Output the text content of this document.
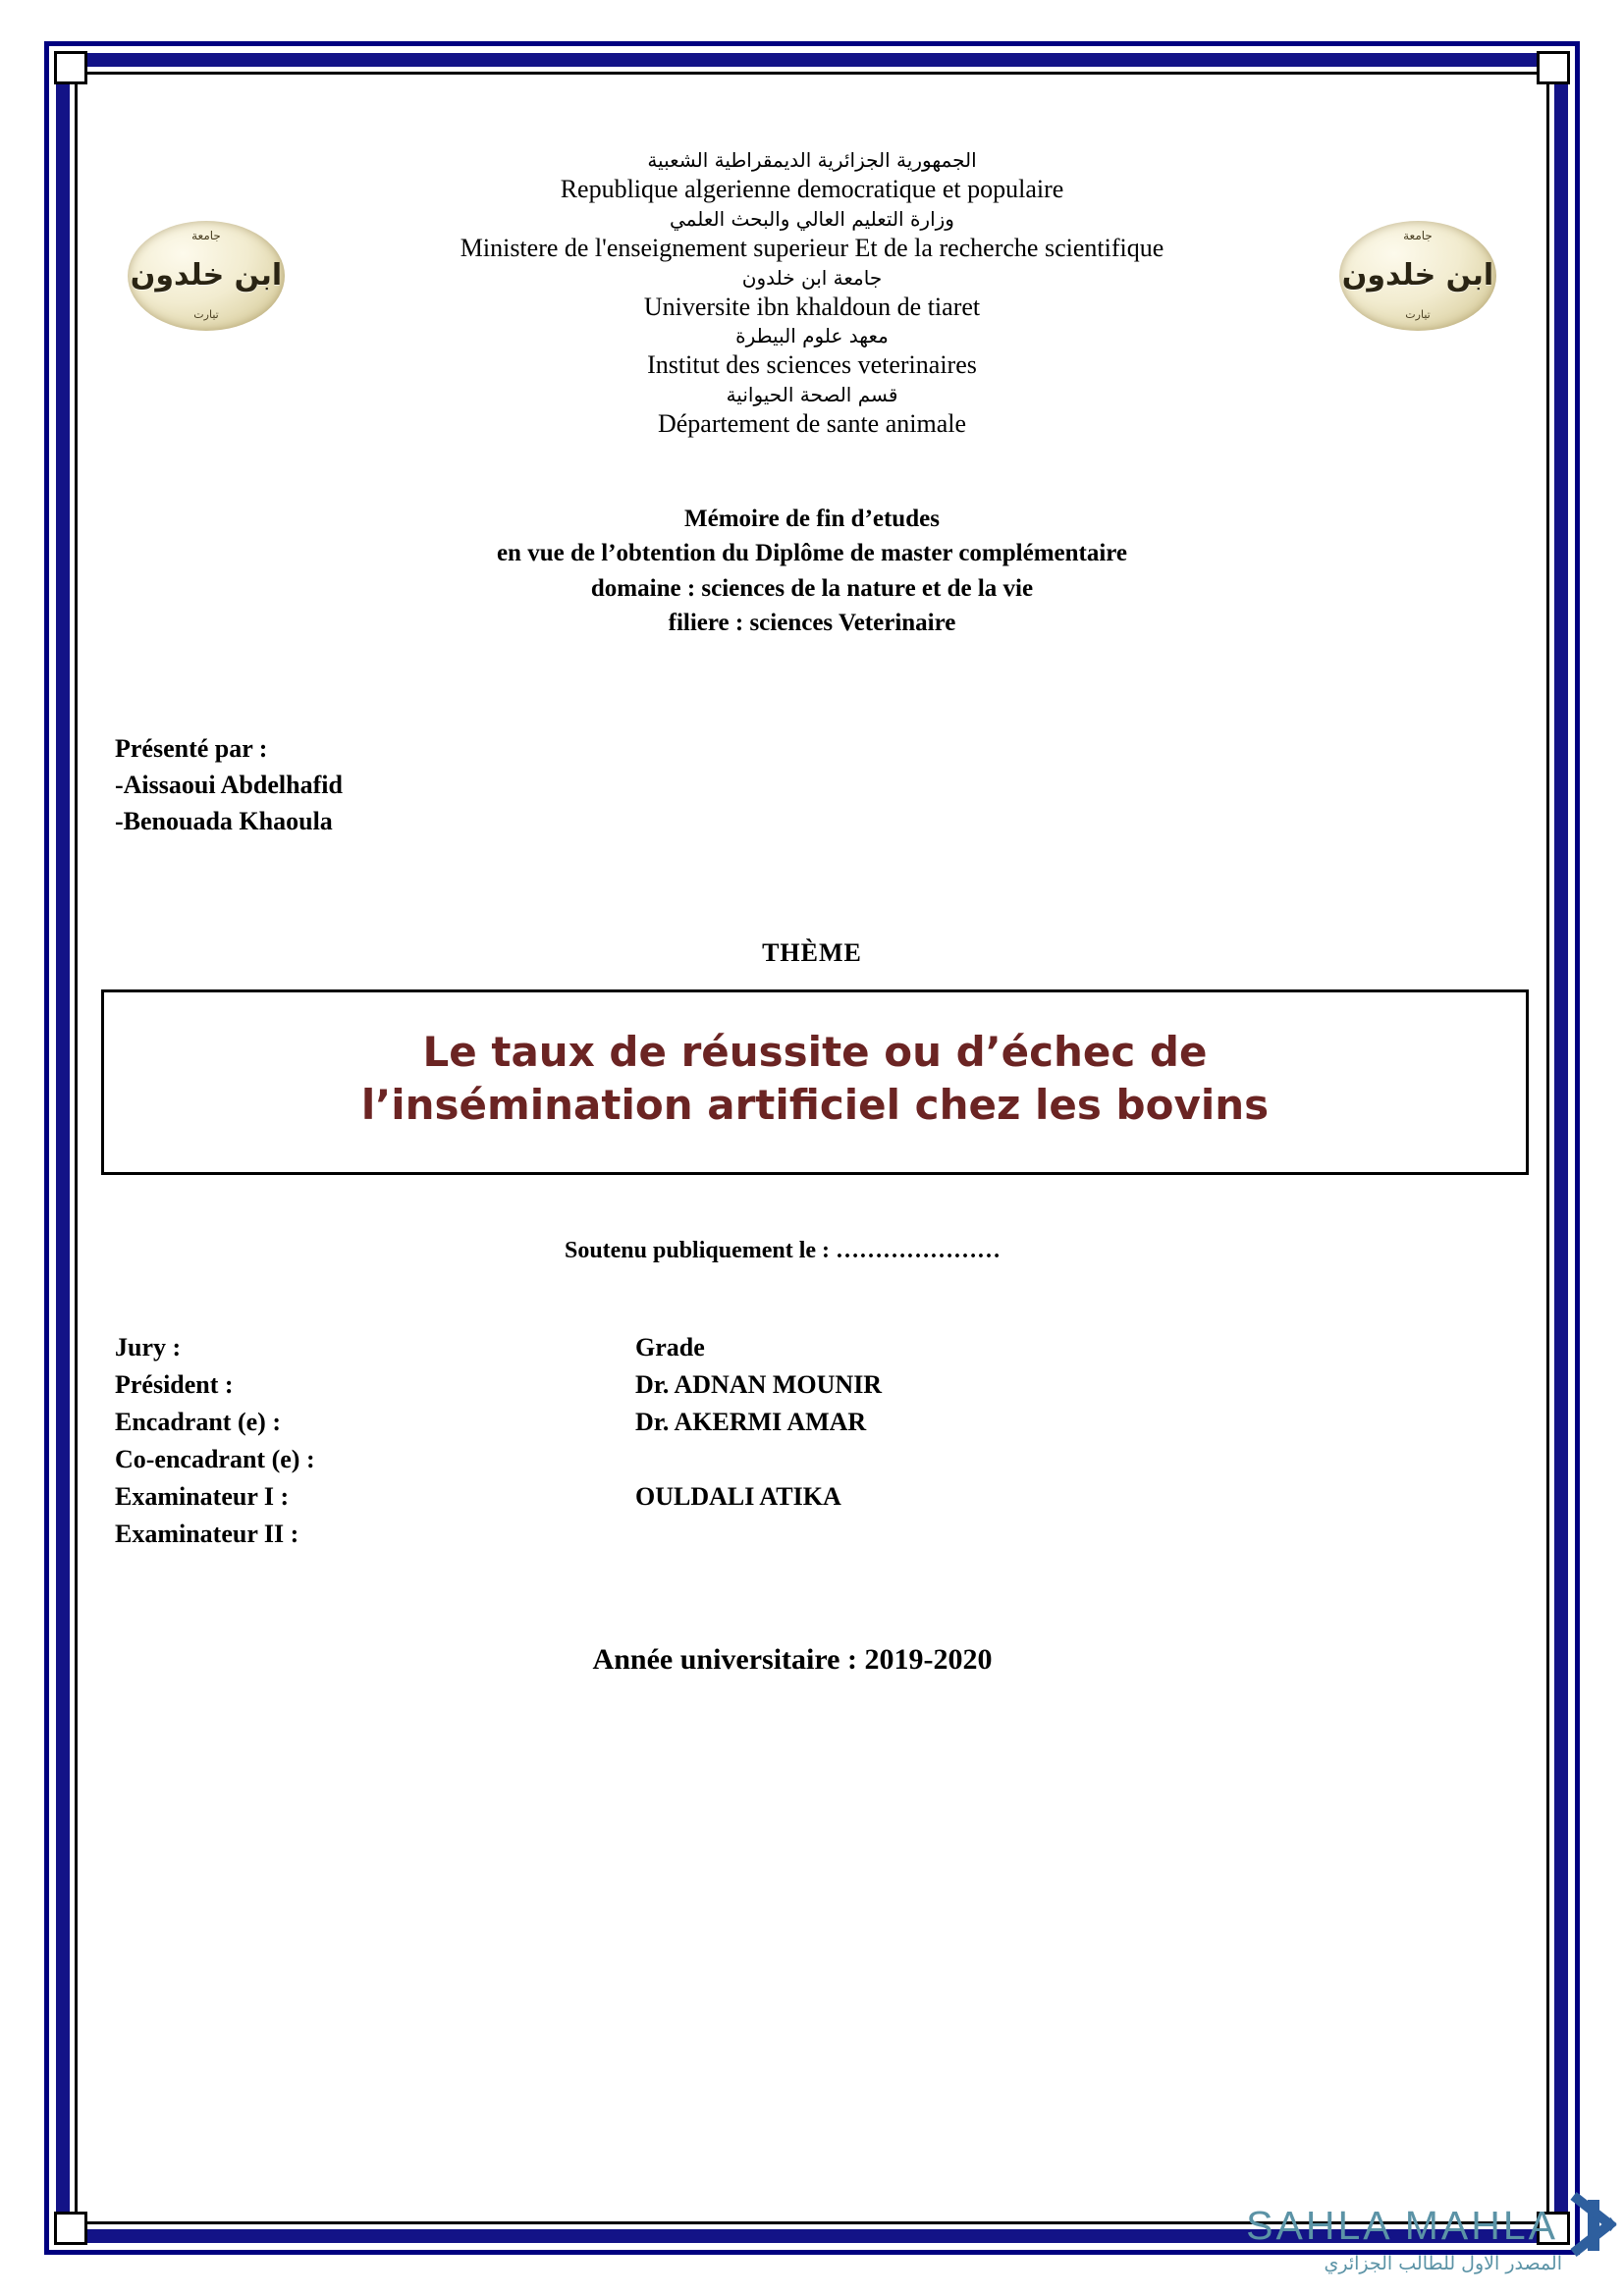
جامعة
ابن خلدون
تيارت
جامعة
ابن خلدون
تيارت
الجمهورية الجزائرية الديمقراطية الشعبية
Republique algerienne democratique et populaire
وزارة التعليم العالي والبحث العلمي
Ministere de l'enseignement superieur Et de la recherche scientifique
جامعة ابن خلدون
Universite ibn khaldoun de tiaret
معهد علوم البيطرة
Institut des sciences veterinaires
قسم الصحة الحيوانية
Département de sante animale
Mémoire de fin d’etudes
en vue de l’obtention du Diplôme de master complémentaire
domaine : sciences de la nature et de la vie
filiere : sciences Veterinaire
Présenté par :
-Aissaoui Abdelhafid
-Benouada Khaoula
THÈME
Le taux de réussite ou d’échec de
l’insémination artificiel chez les bovins
Soutenu publiquement le : …………………
Jury :
Président :
Encadrant (e) :
Co-encadrant (e) :
Examinateur I :
Examinateur II :
Grade
Dr. ADNAN MOUNIR
Dr. AKERMI AMAR
OULDALI ATIKA
Année universitaire : 2019-2020
SAHLA MAHLA
المصدر الاول للطالب الجزائري
